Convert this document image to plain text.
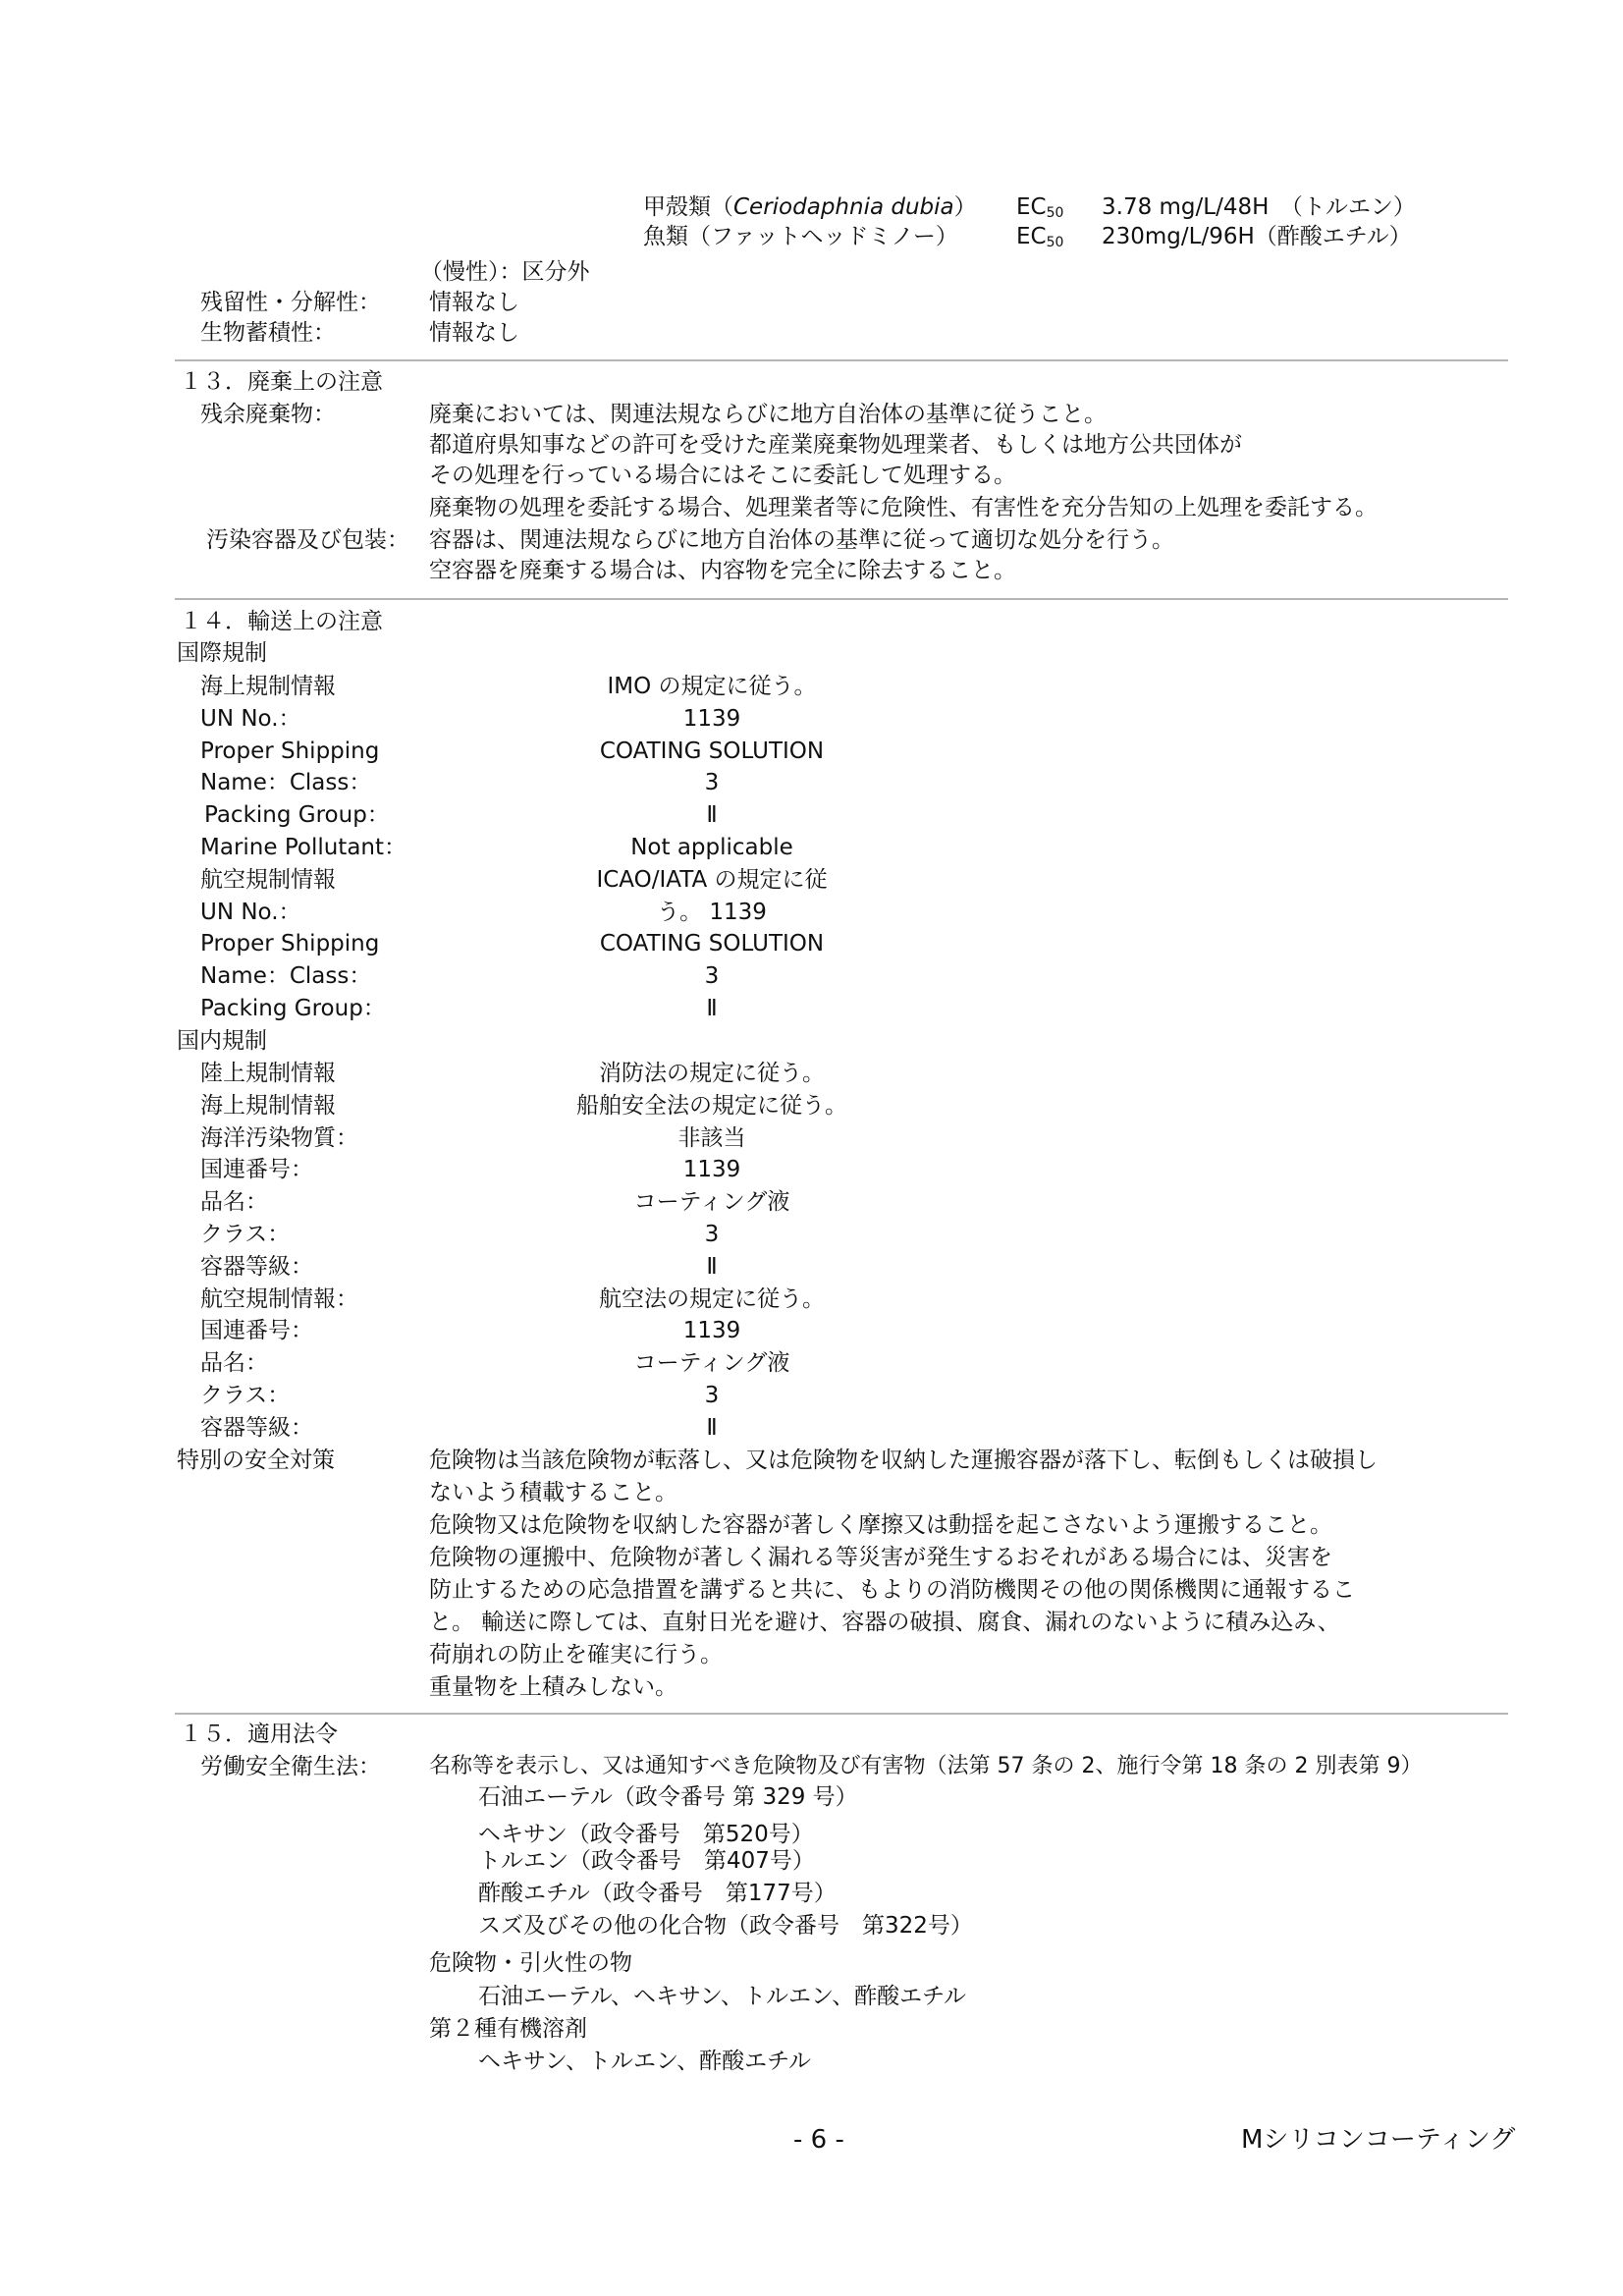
甲殻類（Ceriodaphnia dubia） $EC_{50}$ 3.78 mg/L/48H　（トルエン）
魚類（ファットヘッドミノー）	$EC_{50}$ 230mg/L/96H（酢酸エチル）
（慢性）：区分外
残留性・分解性： 情報なし
生物蓄積性：	情報なし
１３．廃棄上の注意
残余廃棄物：	廃棄においては、関連法規ならびに地方自治体の基準に従うこと。
都道府県知事などの許可を受けた産業廃棄物処理業者、もしくは地方公共団体が
その処理を行っている場合にはそこに委託して処理する。
廃棄物の処理を委託する場合、処理業者等に危険性、有害性を充分告知の上処理を委託する。
汚染容器及び包装： 容器は、関連法規ならびに地方自治体の基準に従って適切な処分を行う。
空容器を廃棄する場合は、内容物を完全に除去すること。
１４．輸送上の注意
国際規制
海上規制情報	IMO の規定に従う。
UN No.：	1139
Proper Shipping	COATING SOLUTION
Name：Class：	3
Packing Group：	Ⅱ
Marine Pollutant：	Not applicable
航空規制情報	ICAO/IATA の規定に従
UN No.：	う。 1139
Proper Shipping	COATING SOLUTION
Name：Class：	3
Packing Group：	Ⅱ
国内規制
陸上規制情報	消防法の規定に従う。
海上規制情報	船舶安全法の規定に従う。
海洋汚染物質：	非該当
国連番号：	1139
品名：	コーティング液
クラス：	3
容器等級：	Ⅱ
航空規制情報：	航空法の規定に従う。
国連番号：	1139
品名：	コーティング液
クラス：	3
容器等級：	Ⅱ
特別の安全対策	危険物は当該危険物が転落し、又は危険物を収納した運搬容器が落下し、転倒もしくは破損し
ないよう積載すること。
危険物又は危険物を収納した容器が著しく摩擦又は動揺を起こさないよう運搬すること。
危険物の運搬中、危険物が著しく漏れる等災害が発生するおそれがある場合には、災害を
防止するための応急措置を講ずると共に、もよりの消防機関その他の関係機関に通報するこ
と。 輸送に際しては、直射日光を避け、容器の破損、腐食、漏れのないように積み込み、
荷崩れの防止を確実に行う。
重量物を上積みしない。
１５．適用法令
労働安全衛生法： 名称等を表示し、又は通知すべき危険物及び有害物（法第 57 条の 2、施行令第 18 条の 2 別表第 9）
石油エーテル（政令番号 第 329 号）
ヘキサン（政令番号　第520号）
トルエン（政令番号　第407号）
酢酸エチル（政令番号　第177号）
スズ及びその他の化合物（政令番号　第322号）
危険物・引火性の物
石油エーテル、ヘキサン、トルエン、酢酸エチル
第２種有機溶剤
ヘキサン、トルエン、酢酸エチル
- 6 -	Mシリコンコーティング
